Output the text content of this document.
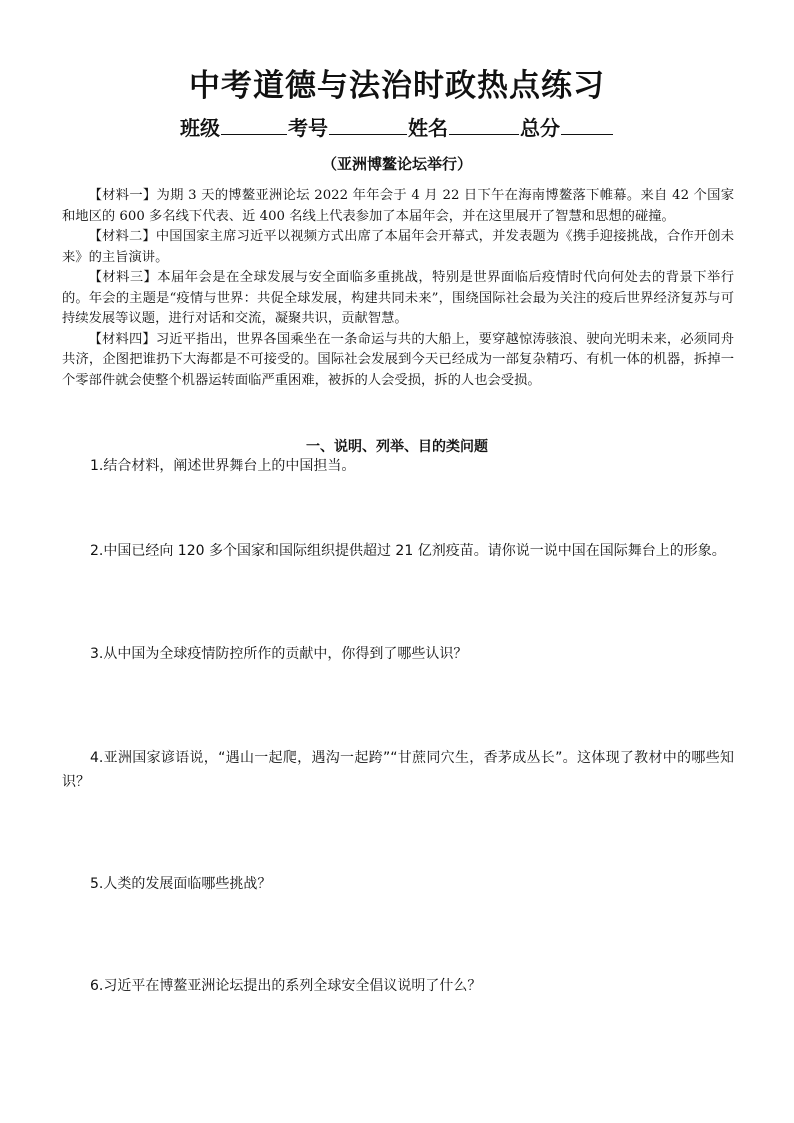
中考道德与法治时政热点练习
班级	考号	姓名	总分
（亚洲博鳌论坛举行）

【材料一】为期 3 天的博鳌亚洲论坛 2022 年年会于 4 月 22 日下午在海南博鳌落下帷幕。来自 42 个国家和地区的 600 多名线下代表、近 400 名线上代表参加了本届年会，并在这里展开了智慧和思想的碰撞。

【材料二】中国国家主席习近平以视频方式出席了本届年会开幕式，并发表题为《携手迎接挑战，合作开创未来》的主旨演讲。

【材料三】本届年会是在全球发展与安全面临多重挑战，特别是世界面临后疫情时代向何处去的背景下举行的。年会的主题是“疫情与世界：共促全球发展，构建共同未来”，围绕国际社会最为关注的疫后世界经济复苏与可持续发展等议题，进行对话和交流，凝聚共识，贡献智慧。

【材料四】习近平指出，世界各国乘坐在一条命运与共的大船上，要穿越惊涛骇浪、驶向光明未来，必须同舟共济，企图把谁扔下大海都是不可接受的。国际社会发展到今天已经成为一部复杂精巧、有机一体的机器，拆掉一个零部件就会使整个机器运转面临严重困难，被拆的人会受损，拆的人也会受损。

一、说明、列举、目的类问题

1.结合材料，阐述世界舞台上的中国担当。

2.中国已经向 120 多个国家和国际组织提供超过 21 亿剂疫苗。请你说一说中国在国际舞台上的形象。

3.从中国为全球疫情防控所作的贡献中，你得到了哪些认识？

4.亚洲国家谚语说，“遇山一起爬，遇沟一起跨”“甘蔗同穴生，香茅成丛长”。这体现了教材中的哪些知识？

5.人类的发展面临哪些挑战？

6.习近平在博鳌亚洲论坛提出的系列全球安全倡议说明了什么？
